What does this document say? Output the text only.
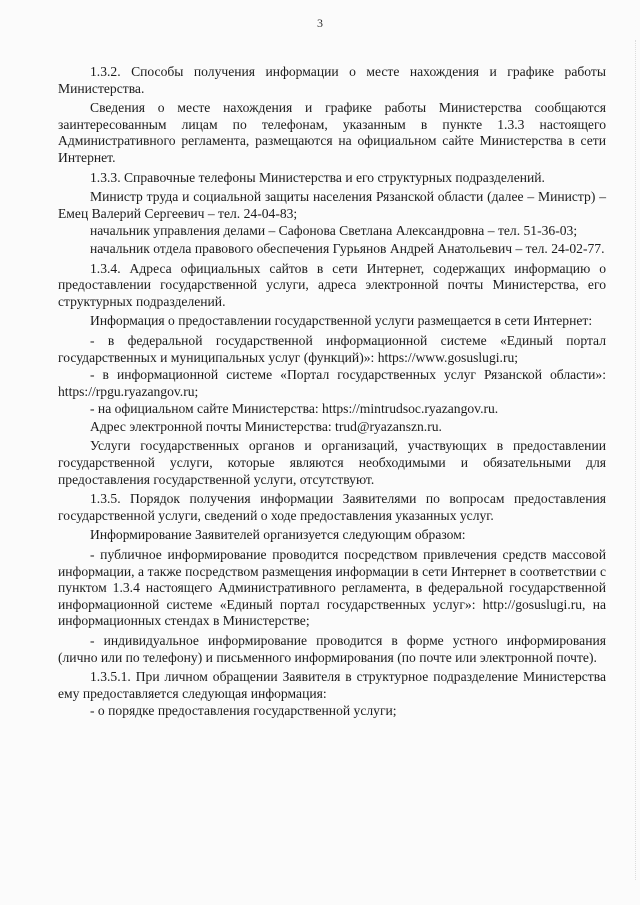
3

1.3.2. Способы получения информации о месте нахождения и графике работы Министерства.

Сведения о месте нахождения и графике работы Министерства сообщаются заинтересованным лицам по телефонам, указанным в пункте 1.3.3 настоящего Административного регламента, размещаются на официальном сайте Министерства в сети Интернет.

1.3.3. Справочные телефоны Министерства и его структурных подразделений.

Министр труда и социальной защиты населения Рязанской области (далее – Министр) – Емец Валерий Сергеевич – тел. 24-04-83;

начальник управления делами – Сафонова Светлана Александровна – тел. 51-36-03;

начальник отдела правового обеспечения Гурьянов Андрей Анатольевич – тел. 24-02-77.

1.3.4. Адреса официальных сайтов в сети Интернет, содержащих информацию о предоставлении государственной услуги, адреса электронной почты Министерства, его структурных подразделений.

Информация о предоставлении государственной услуги размещается в сети Интернет:

- в федеральной государственной информационной системе «Единый портал государственных и муниципальных услуг (функций)»: https://www.gosuslugi.ru;

- в информационной системе «Портал государственных услуг Рязанской области»: https://rpgu.ryazangov.ru;

- на официальном сайте Министерства: https://mintrudsoc.ryazangov.ru.

Адрес электронной почты Министерства: trud@ryazanszn.ru.

Услуги государственных органов и организаций, участвующих в предоставлении государственной услуги, которые являются необходимыми и обязательными для предоставления государственной услуги, отсутствуют.

1.3.5. Порядок получения информации Заявителями по вопросам предоставления государственной услуги, сведений о ходе предоставления указанных услуг.

Информирование Заявителей организуется следующим образом:

- публичное информирование проводится посредством привлечения средств массовой информации, а также посредством размещения информации в сети Интернет в соответствии с пунктом 1.3.4 настоящего Административного регламента, в федеральной государственной информационной системе «Единый портал государственных услуг»: http://gosuslugi.ru, на информационных стендах в Министерстве;

- индивидуальное информирование проводится в форме устного информирования (лично или по телефону) и письменного информирования (по почте или электронной почте).

1.3.5.1. При личном обращении Заявителя в структурное подразделение Министерства ему предоставляется следующая информация:

- о порядке предоставления государственной услуги;
